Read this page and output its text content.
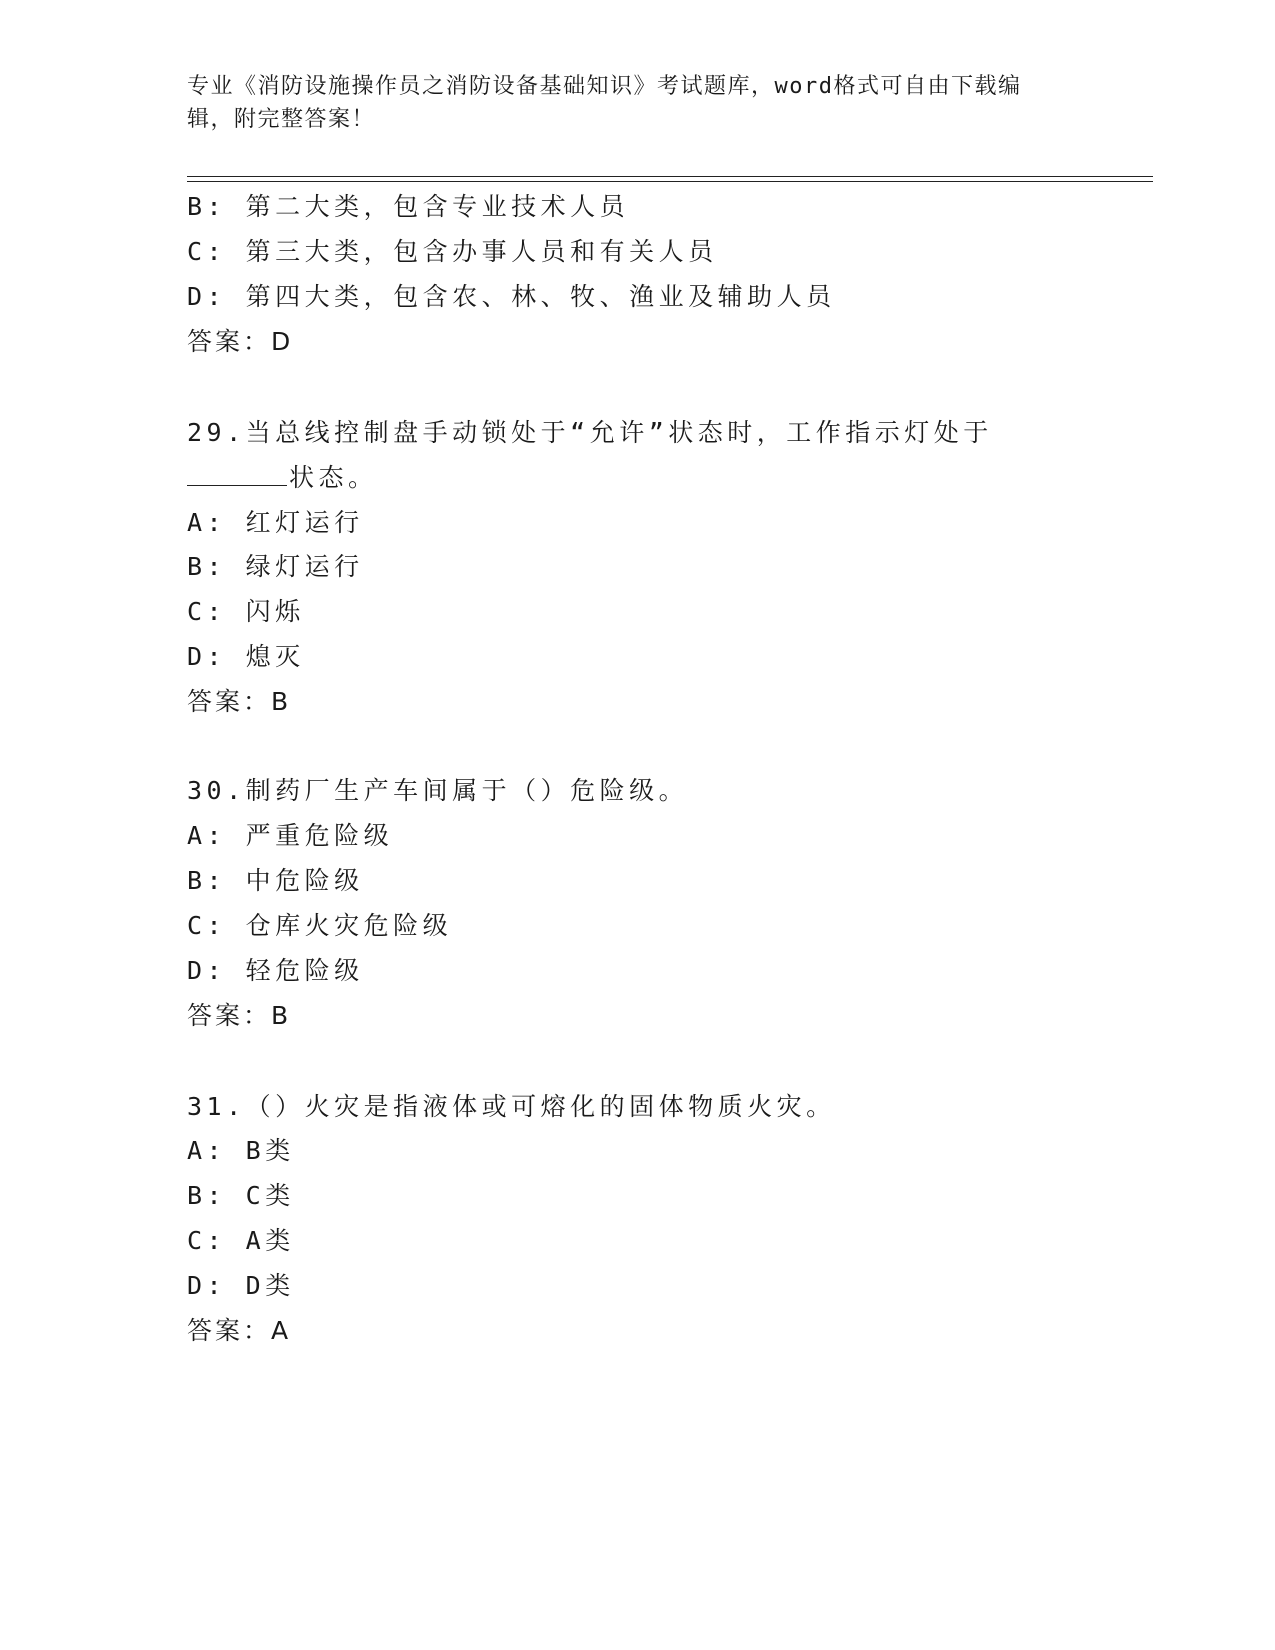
专业《消防设施操作员之消防设备基础知识》考试题库，word格式可自由下载编
辑，附完整答案！
B: 第二大类，包含专业技术人员
C: 第三大类，包含办事人员和有关人员
D: 第四大类，包含农、林、牧、渔业及辅助人员
答案：D
29.当总线控制盘手动锁处于“允许”状态时，工作指示灯处于
状态。
A: 红灯运行
B: 绿灯运行
C: 闪烁
D: 熄灭
答案：B
30.制药厂生产车间属于（）危险级。
A: 严重危险级
B: 中危险级
C: 仓库火灾危险级
D: 轻危险级
答案：B
31.（）火灾是指液体或可熔化的固体物质火灾。
A: B类
B: C类
C: A类
D: D类
答案：A
